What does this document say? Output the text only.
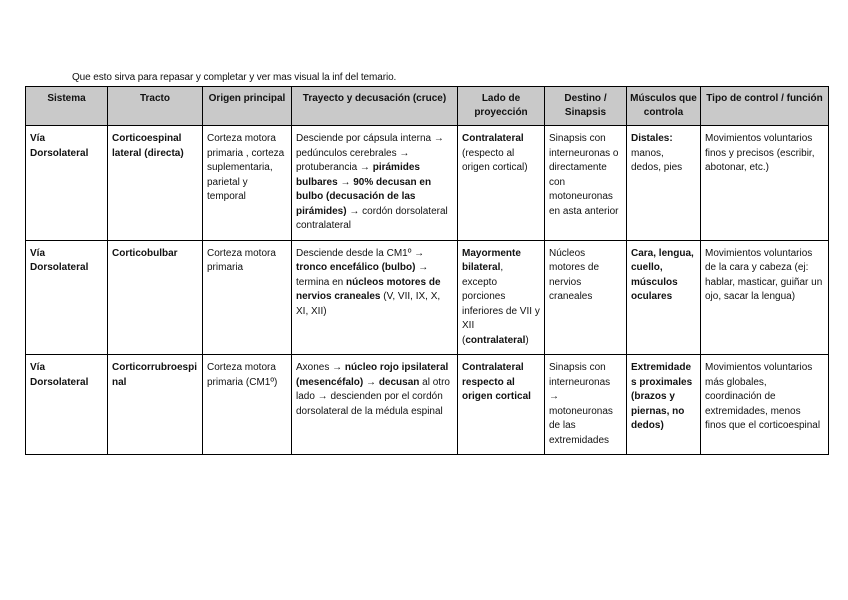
Que esto sirva para repasar y completar y ver mas visual la inf del temario.
Sistema	Tracto	Origen principal	Trayecto y decusación (cruce)	Lado de proyección	Destino / Sinapsis	Músculos que controla	Tipo de control / función
Vía Dorsolateral	Corticoespinal lateral (directa)	Corteza motora primaria , corteza suplementaria, parietal y temporal	Desciende por cápsula interna → pedúnculos cerebrales → protuberancia → pirámides bulbares → 90% decusan en bulbo (decusación de las pirámides) → cordón dorsolateral contralateral	Contralateral (respecto al origen cortical)	Sinapsis con interneuronas o directamente con motoneuronas en asta anterior	Distales: manos, dedos, pies	Movimientos voluntarios finos y precisos (escribir, abotonar, etc.)
Vía Dorsolateral	Corticobulbar	Corteza motora primaria	Desciende desde la CM1º → tronco encefálico (bulbo) → termina en núcleos motores de nervios craneales (V, VII, IX, X, XI, XII)	Mayormente bilateral, excepto porciones inferiores de VII y XII (contralateral)	Núcleos motores de nervios craneales	Cara, lengua, cuello, músculos oculares	Movimientos voluntarios de la cara y cabeza (ej: hablar, masticar, guiñar un ojo, sacar la lengua)
Vía Dorsolateral	Corticorrubroespinal	Corteza motora primaria (CM1º)	Axones → núcleo rojo ipsilateral (mesencéfalo) → decusan al otro lado → descienden por el cordón dorsolateral de la médula espinal	Contralateral respecto al origen cortical	Sinapsis con interneuronas → motoneuronas de las extremidades	Extremidades proximales (brazos y piernas, no dedos)	Movimientos voluntarios más globales, coordinación de extremidades, menos finos que el corticoespinal
